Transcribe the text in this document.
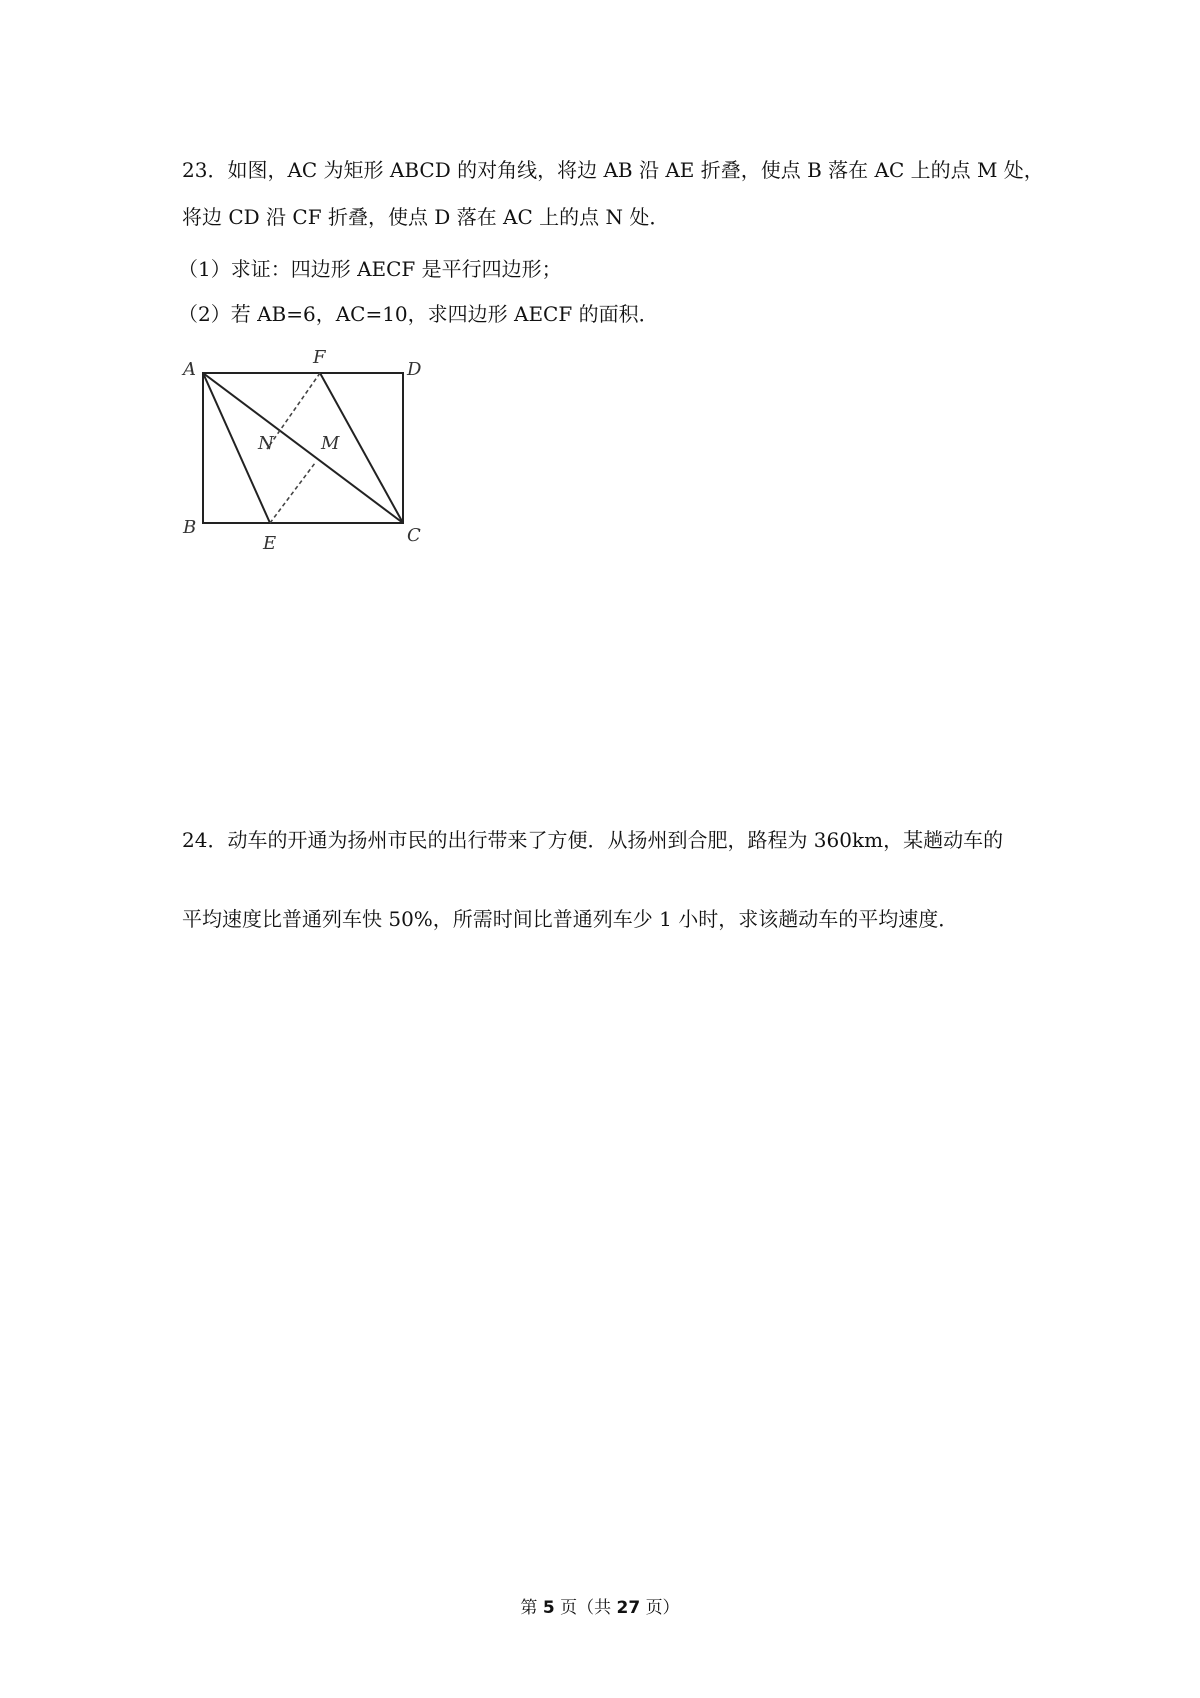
23．如图，AC 为矩形 ABCD 的对角线，将边 AB 沿 AE 折叠，使点 B 落在 AC 上的点 M 处，
将边 CD 沿 CF 折叠，使点 D 落在 AC 上的点 N 处．
（1）求证：四边形 AECF 是平行四边形；
（2）若 AB=6，AC=10，求四边形 AECF 的面积．
A
B	C
D
E
F
M
N
24．动车的开通为扬州市民的出行带来了方便．从扬州到合肥，路程为 360km，某趟动车的
平均速度比普通列车快 50%，所需时间比普通列车少 1 小时，求该趟动车的平均速度．
第 5 页（共 27 页）
